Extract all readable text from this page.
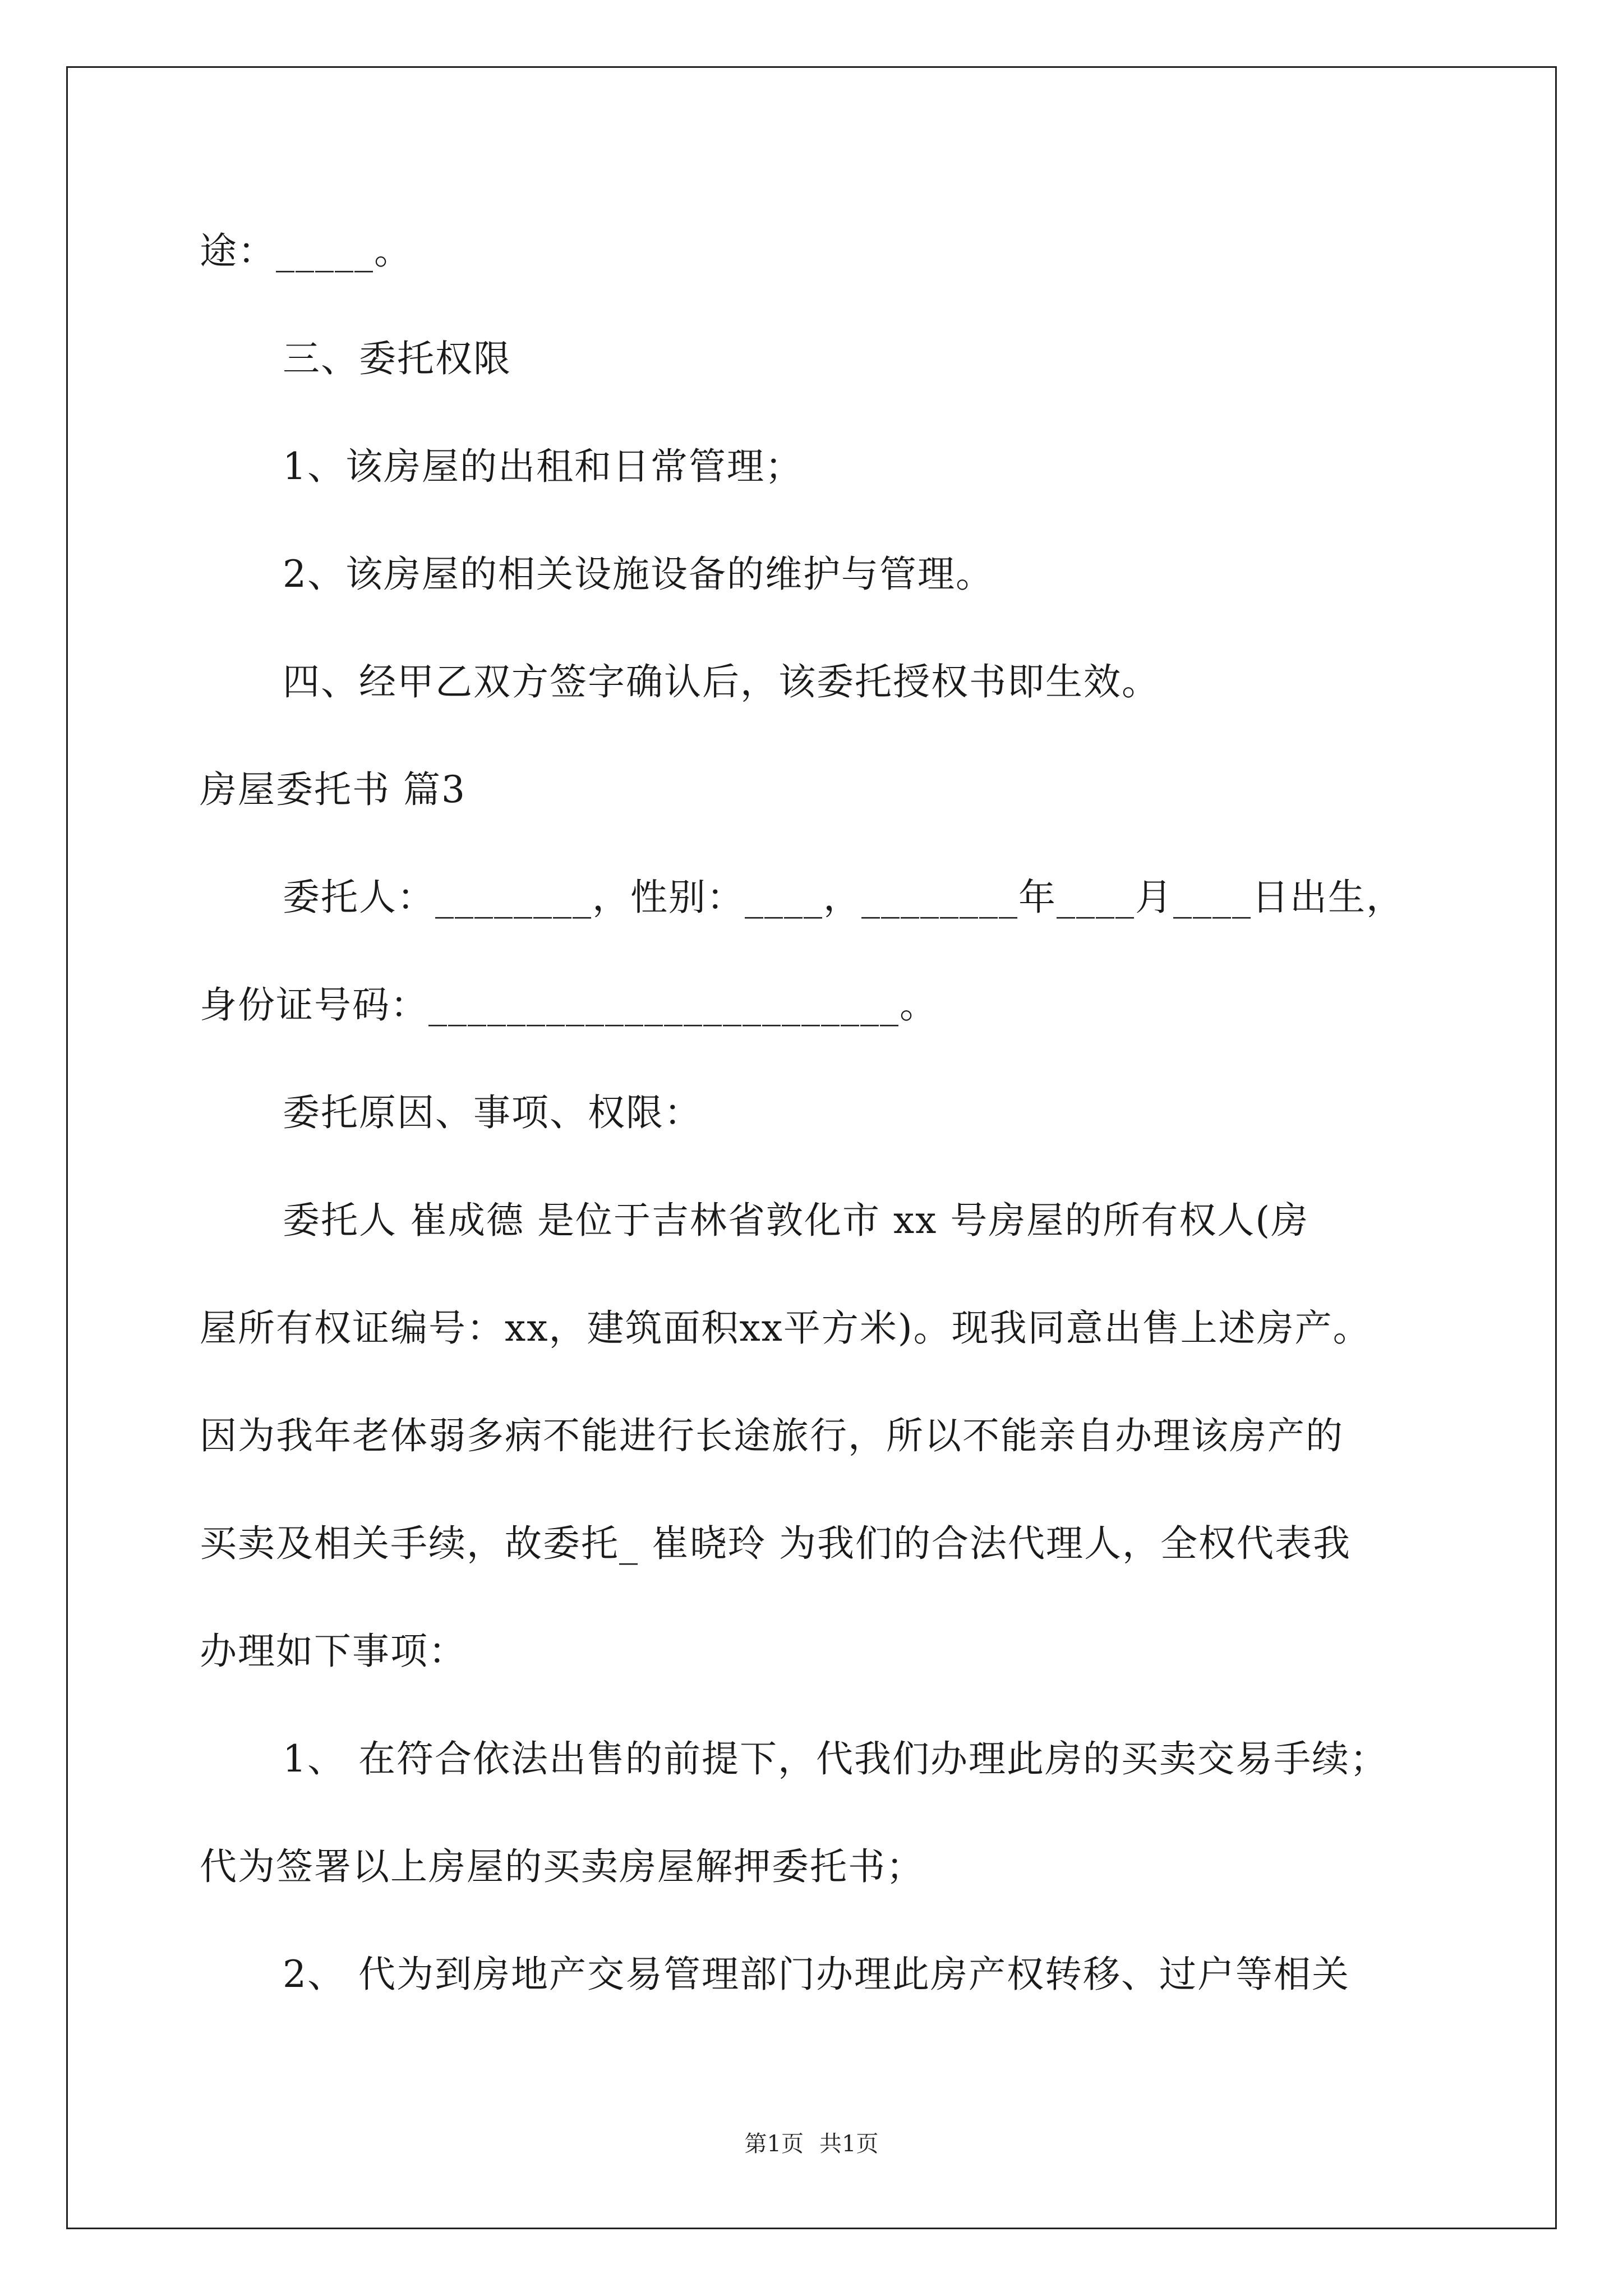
途：_____。
三、委托权限
1、该房屋的出租和日常管理；
2、该房屋的相关设施设备的维护与管理。
四、经甲乙双方签字确认后，该委托授权书即生效。
房屋委托书 篇3
委托人：________，性别：____，________年____月____日出生，
身份证号码：________________________。
委托原因、事项、权限：
委托人 崔成德 是位于吉林省敦化市 xx 号房屋的所有权人(房
屋所有权证编号：xx，建筑面积xx平方米)。现我同意出售上述房产。
因为我年老体弱多病不能进行长途旅行，所以不能亲自办理该房产的
买卖及相关手续，故委托_ 崔晓玲 为我们的合法代理人，全权代表我
办理如下事项：
1、 在符合依法出售的前提下，代我们办理此房的买卖交易手续；
代为签署以上房屋的买卖房屋解押委托书；
2、 代为到房地产交易管理部门办理此房产权转移、过户等相关
第1页 共1页
